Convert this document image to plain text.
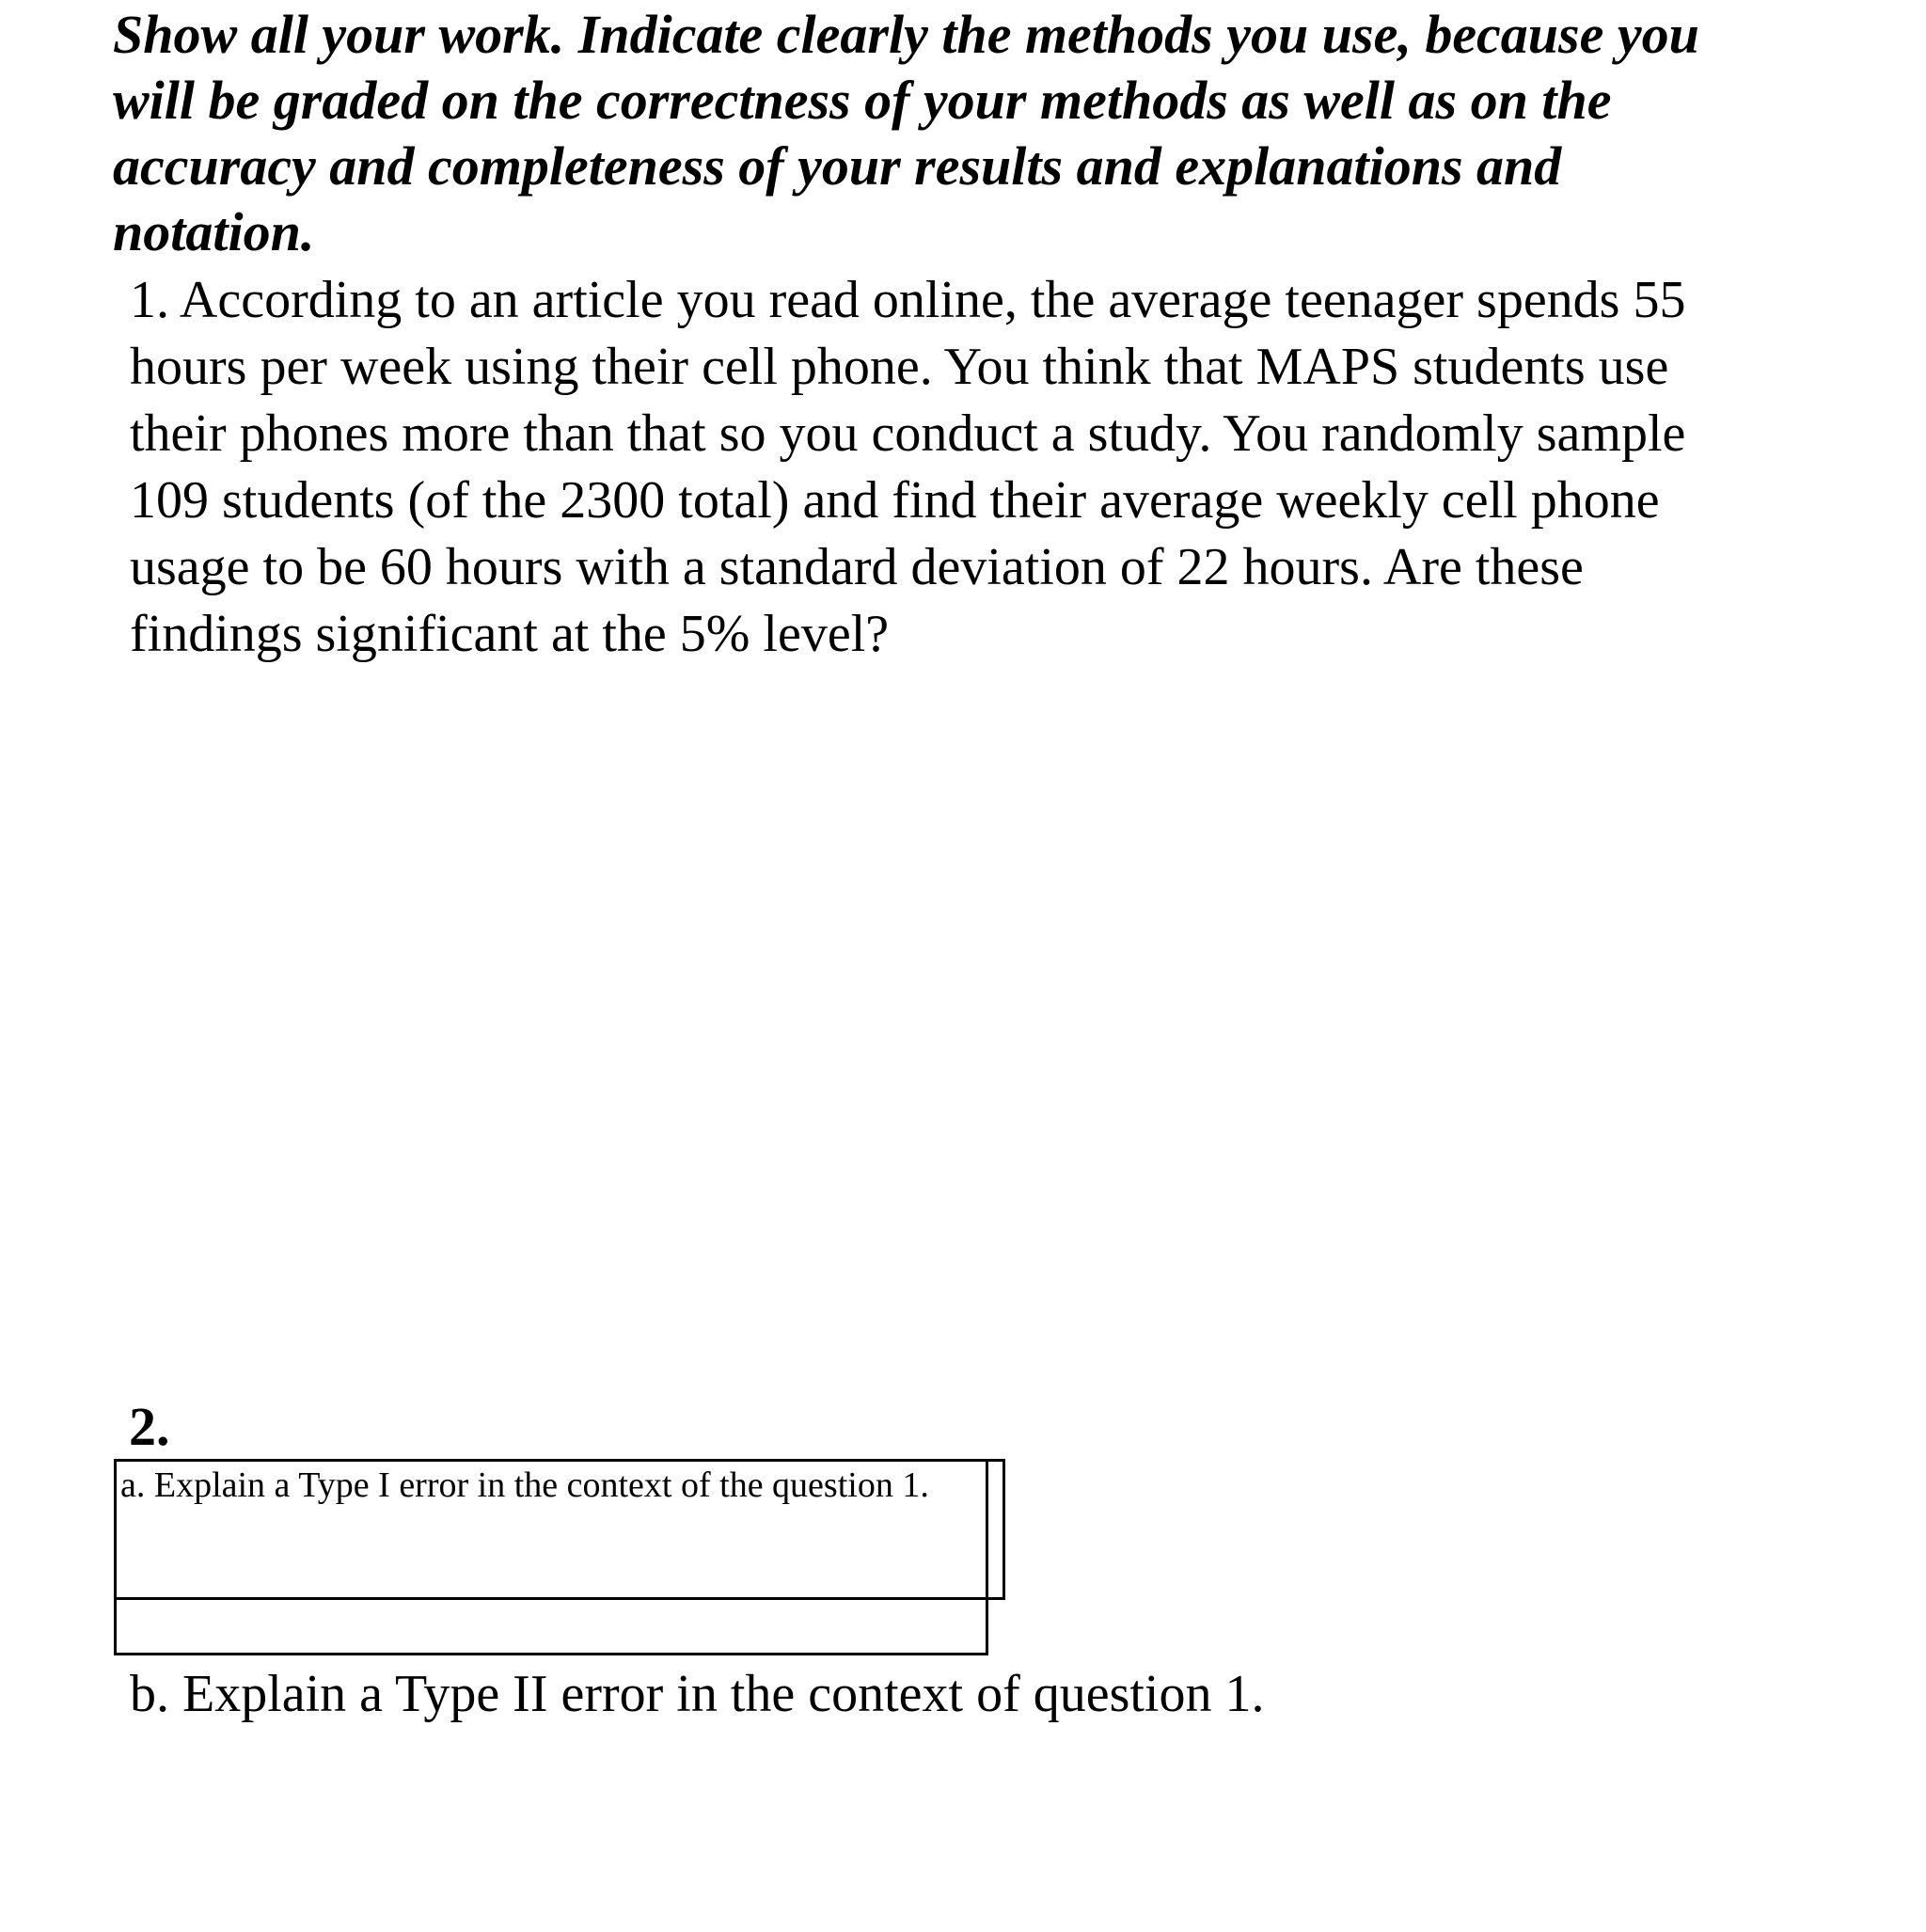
Show all your work. Indicate clearly the methods you use, because you
will be graded on the correctness of your methods as well as on the
accuracy and completeness of your results and explanations and
notation.
1. According to an article you read online, the average teenager spends 55
hours per week using their cell phone. You think that MAPS students use
their phones more than that so you conduct a study. You randomly sample
109 students (of the 2300 total) and find their average weekly cell phone
usage to be 60 hours with a standard deviation of 22 hours. Are these
findings significant at the 5% level?
2.
a. Explain a Type I error in the context of the question 1.
b. Explain a Type II error in the context of question 1.
